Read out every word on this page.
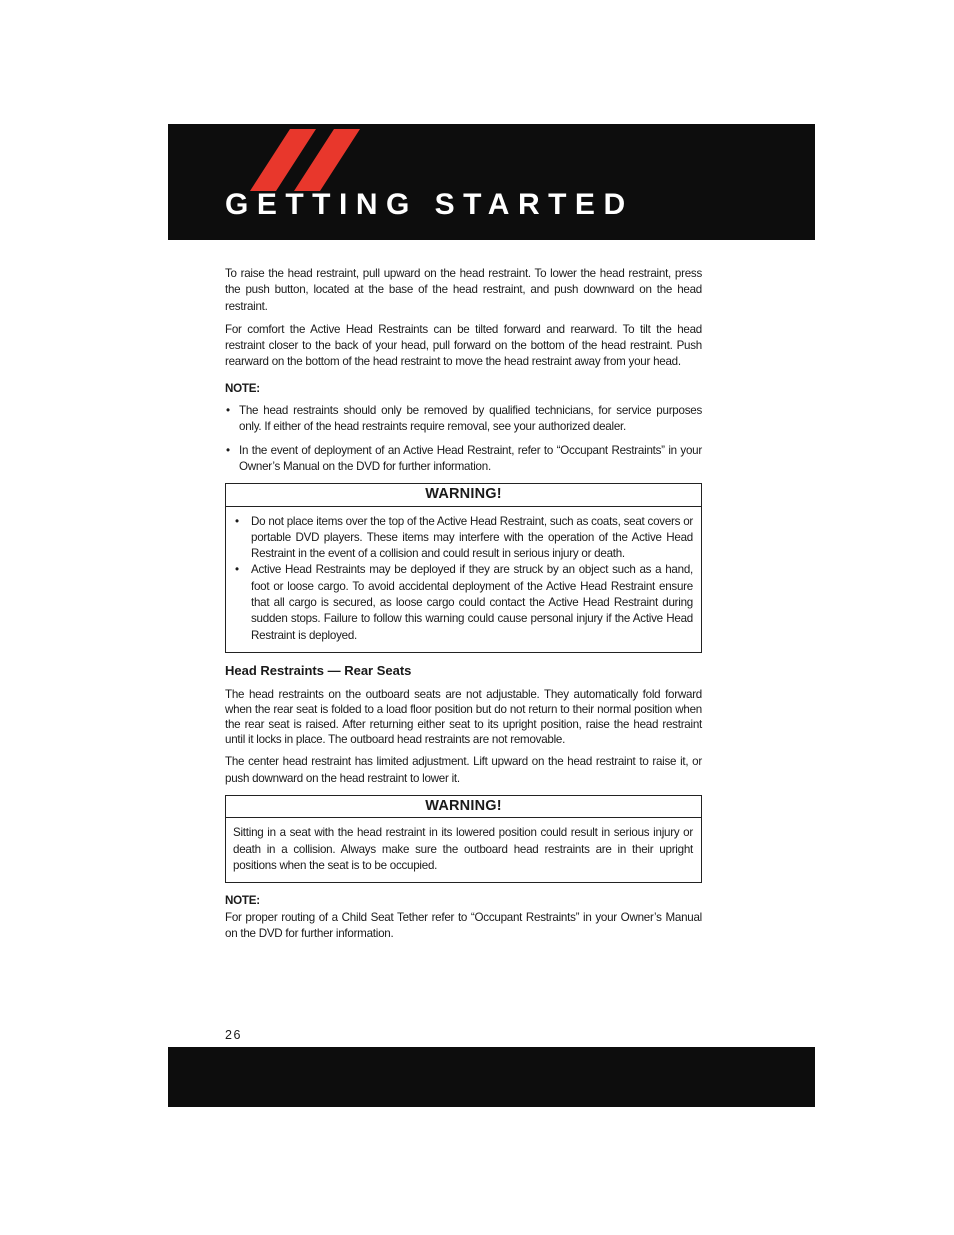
GETTING STARTED

To raise the head restraint, pull upward on the head restraint. To lower the head restraint, press the push button, located at the base of the head restraint, and push downward on the head restraint.

For comfort the Active Head Restraints can be tilted forward and rearward. To tilt the head restraint closer to the back of your head, pull forward on the bottom of the head restraint. Push rearward on the bottom of the head restraint to move the head restraint away from your head.

NOTE:
• The head restraints should only be removed by qualified technicians, for service purposes only. If either of the head restraints require removal, see your authorized dealer.
• In the event of deployment of an Active Head Restraint, refer to “Occupant Restraints” in your Owner’s Manual on the DVD for further information.
WARNING!
• Do not place items over the top of the Active Head Restraint, such as coats, seat covers or portable DVD players. These items may interfere with the operation of the Active Head Restraint in the event of a collision and could result in serious injury or death.
• Active Head Restraints may be deployed if they are struck by an object such as a hand, foot or loose cargo. To avoid accidental deployment of the Active Head Restraint ensure that all cargo is secured, as loose cargo could contact the Active Head Restraint during sudden stops. Failure to follow this warning could cause personal injury if the Active Head Restraint is deployed.
Head Restraints — Rear Seats

The head restraints on the outboard seats are not adjustable. They automatically fold forward when the rear seat is folded to a load floor position but do not return to their normal position when the rear seat is raised. After returning either seat to its upright position, raise the head restraint until it locks in place. The outboard head restraints are not removable.

The center head restraint has limited adjustment. Lift upward on the head restraint to raise it, or push downward on the head restraint to lower it.

WARNING!
Sitting in a seat with the head restraint in its lowered position could result in serious injury or death in a collision. Always make sure the outboard head restraints are in their upright positions when the seat is to be occupied.
NOTE:

For proper routing of a Child Seat Tether refer to “Occupant Restraints” in your Owner’s Manual on the DVD for further information.

26
